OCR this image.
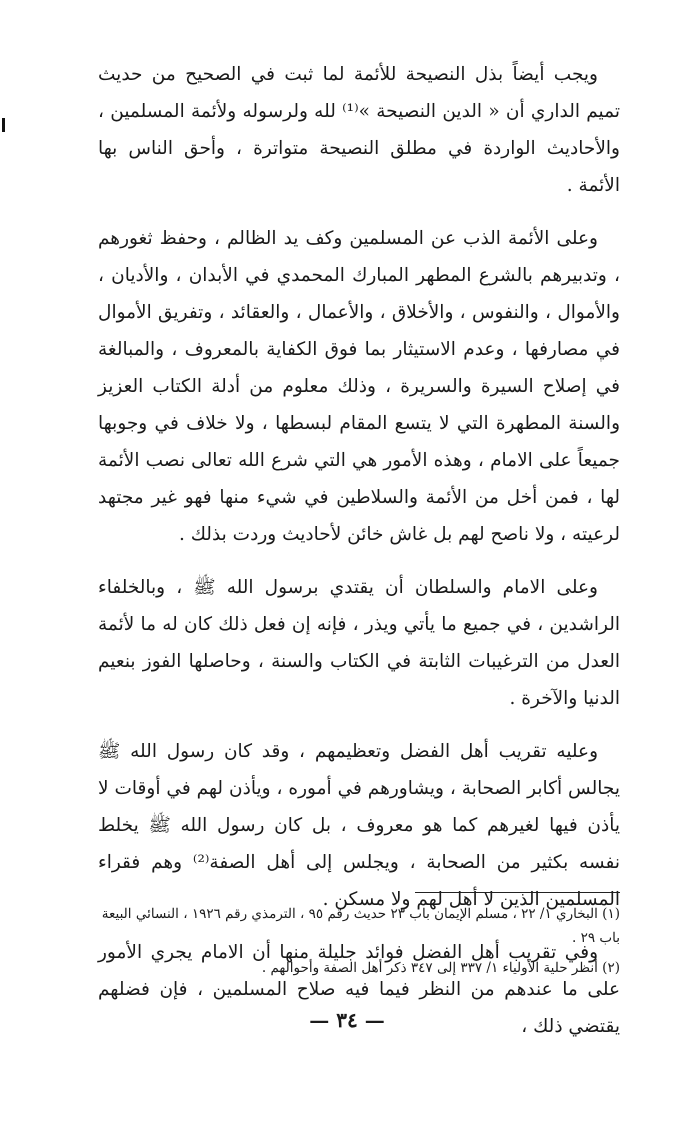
ويجب أيضاً بذل النصيحة للأئمة لما ثبت في الصحيح من حديث تميم الداري أن « الدين النصيحة »⁽¹⁾ لله ولرسوله ولأئمة المسلمين ، والأحاديث الواردة في مطلق النصيحة متواترة ، وأحق الناس بها الأئمة .

وعلى الأئمة الذب عن المسلمين وكف يد الظالم ، وحفظ ثغورهم ، وتدبيرهم بالشرع المطهر المبارك المحمدي في الأبدان ، والأديان ، والأموال ، والنفوس ، والأخلاق ، والأعمال ، والعقائد ، وتفريق الأموال في مصارفها ، وعدم الاستيثار بما فوق الكفاية بالمعروف ، والمبالغة في إصلاح السيرة والسريرة ، وذلك معلوم من أدلة الكتاب العزيز والسنة المطهرة التي لا يتسع المقام لبسطها ، ولا خلاف في وجوبها جميعاً على الامام ، وهذه الأمور هي التي شرع الله تعالى نصب الأئمة لها ، فمن أخل من الأئمة والسلاطين في شيء منها فهو غير مجتهد لرعيته ، ولا ناصح لهم بل غاش خائن لأحاديث وردت بذلك .

وعلى الامام والسلطان أن يقتدي برسول الله ﷺ ، وبالخلفاء الراشدين ، في جميع ما يأتي ويذر ، فإنه إن فعل ذلك كان له ما لأئمة العدل من الترغيبات الثابتة في الكتاب والسنة ، وحاصلها الفوز بنعيم الدنيا والآخرة .

وعليه تقريب أهل الفضل وتعظيمهم ، وقد كان رسول الله ﷺ يجالس أكابر الصحابة ، ويشاورهم في أموره ، ويأذن لهم في أوقات لا يأذن فيها لغيرهم كما هو معروف ، بل كان رسول الله ﷺ يخلط نفسه بكثير من الصحابة ، ويجلس إلى أهل الصفة⁽²⁾ وهم فقراء المسلمين الذين لا أهل لهم ولا مسكن .

وفي تقريب أهل الفضل فوائد جليلة منها أن الامام يجري الأمور على ما عندهم من النظر فيما فيه صلاح المسلمين ، فإن فضلهم يقتضي ذلك ،

(١) البخاري ١/ ٢٢ ، مسلم الإيمان باب ٢٣ حديث رقم ٩٥ ، الترمذي رقم ١٩٢٦ ، النسائي البيعة باب ٢٩ .

(٢) أنظر حلية الأولياء ١/ ٣٣٧ إلى ٣٤٧ ذكر أهل الصفة وأحوالهم .

— ٣٤ —
